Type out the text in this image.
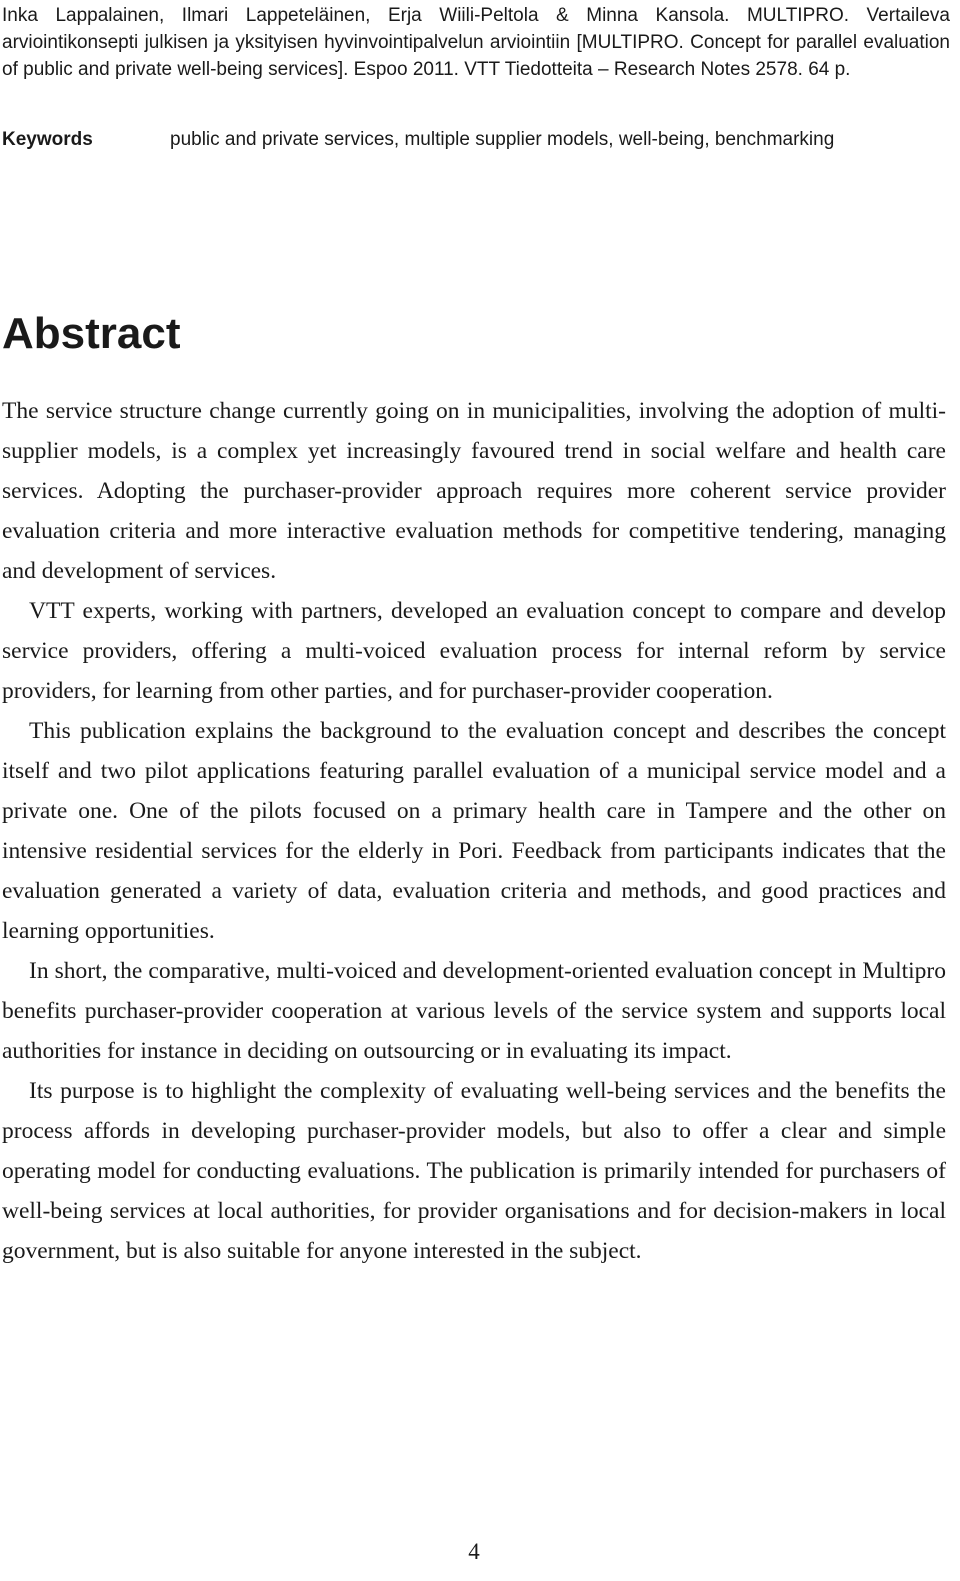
Inka Lappalainen, Ilmari Lappeteläinen, Erja Wiili-Peltola & Minna Kansola. MULTIPRO. Vertaileva arviointikonsepti julkisen ja yksityisen hyvinvointipalvelun arviointiin [MULTIPRO. Concept for parallel evaluation of public and private well-being services]. Espoo 2011. VTT Tiedotteita – Research Notes 2578. 64 p.
Keywords	public and private services, multiple supplier models, well-being, benchmarking
Abstract

The service structure change currently going on in municipalities, involving the adoption of multi-supplier models, is a complex yet increasingly favoured trend in social welfare and health care services. Adopting the purchaser-provider approach requires more coherent service provider evaluation criteria and more interactive evaluation methods for competitive tendering, managing and development of services.

VTT experts, working with partners, developed an evaluation concept to compare and develop service providers, offering a multi-voiced evaluation process for internal reform by service providers, for learning from other parties, and for purchaser-provider cooperation.

This publication explains the background to the evaluation concept and describes the concept itself and two pilot applications featuring parallel evaluation of a municipal service model and a private one. One of the pilots focused on a primary health care in Tampere and the other on intensive residential services for the elderly in Pori. Feedback from participants indicates that the evaluation generated a variety of data, evaluation criteria and methods, and good practices and learning opportunities.

In short, the comparative, multi-voiced and development-oriented evaluation concept in Multipro benefits purchaser-provider cooperation at various levels of the service system and supports local authorities for instance in deciding on outsourcing or in evaluating its impact.

Its purpose is to highlight the complexity of evaluating well-being services and the benefits the process affords in developing purchaser-provider models, but also to offer a clear and simple operating model for conducting evaluations. The publication is primarily intended for purchasers of well-being services at local authorities, for provider organisations and for decision-makers in local government, but is also suitable for anyone interested in the subject.

4
